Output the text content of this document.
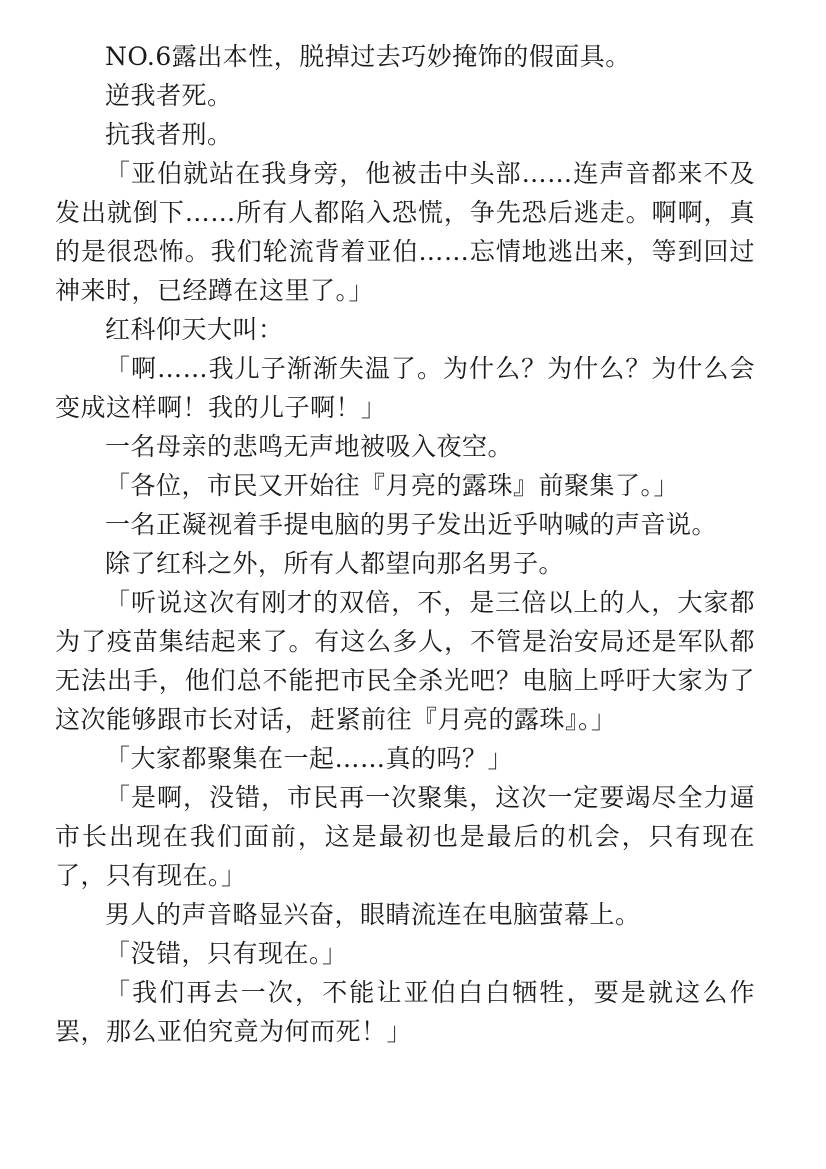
NO.6露出本性，脱掉过去巧妙掩饰的假面具。

逆我者死。

抗我者刑。

「亚伯就站在我身旁，他被击中头部……连声音都来不及发出就倒下……所有人都陷入恐慌，争先恐后逃走。啊啊，真的是很恐怖。我们轮流背着亚伯……忘情地逃出来，等到回过神来时，已经蹲在这里了。」

红科仰天大叫：

「啊……我儿子渐渐失温了。为什么？为什么？为什么会变成这样啊！我的儿子啊！」

一名母亲的悲鸣无声地被吸入夜空。

「各位，市民又开始往『月亮的露珠』前聚集了。」

一名正凝视着手提电脑的男子发出近乎呐喊的声音说。

除了红科之外，所有人都望向那名男子。

「听说这次有刚才的双倍，不，是三倍以上的人，大家都为了疫苗集结起来了。有这么多人，不管是治安局还是军队都无法出手，他们总不能把市民全杀光吧？电脑上呼吁大家为了这次能够跟市长对话，赶紧前往『月亮的露珠』。」

「大家都聚集在一起……真的吗？」

「是啊，没错，市民再一次聚集，这次一定要竭尽全力逼市长出现在我们面前，这是最初也是最后的机会，只有现在了，只有现在。」

男人的声音略显兴奋，眼睛流连在电脑萤幕上。

「没错，只有现在。」

「我们再去一次，不能让亚伯白白牺牲，要是就这么作罢，那么亚伯究竟为何而死！」
